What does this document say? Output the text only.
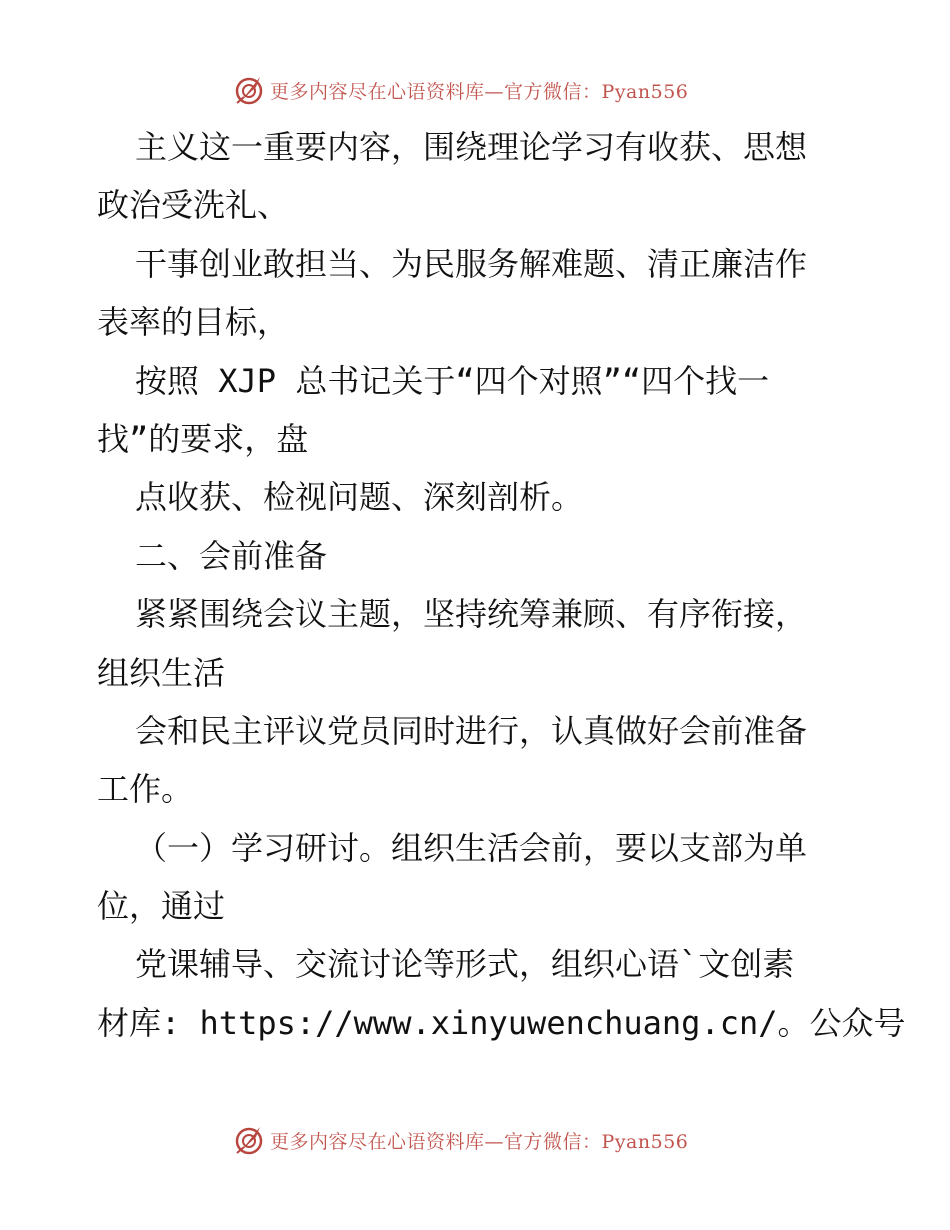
更多内容尽在心语资料库—官方微信：Pyan556
主义这一重要内容，围绕理论学习有收获、思想
政治受洗礼、
干事创业敢担当、为民服务解难题、清正廉洁作
表率的目标，
按照 XJP 总书记关于“四个对照”“四个找一
找”的要求，盘
点收获、检视问题、深刻剖析。
二、会前准备
紧紧围绕会议主题，坚持统筹兼顾、有序衔接，
组织生活
会和民主评议党员同时进行，认真做好会前准备
工作。
（一）学习研讨。组织生活会前，要以支部为单
位，通过
党课辅导、交流讨论等形式，组织心语`文创素
材库: https://www.xinyuwenchuang.cn/。公众号
更多内容尽在心语资料库—官方微信：Pyan556
